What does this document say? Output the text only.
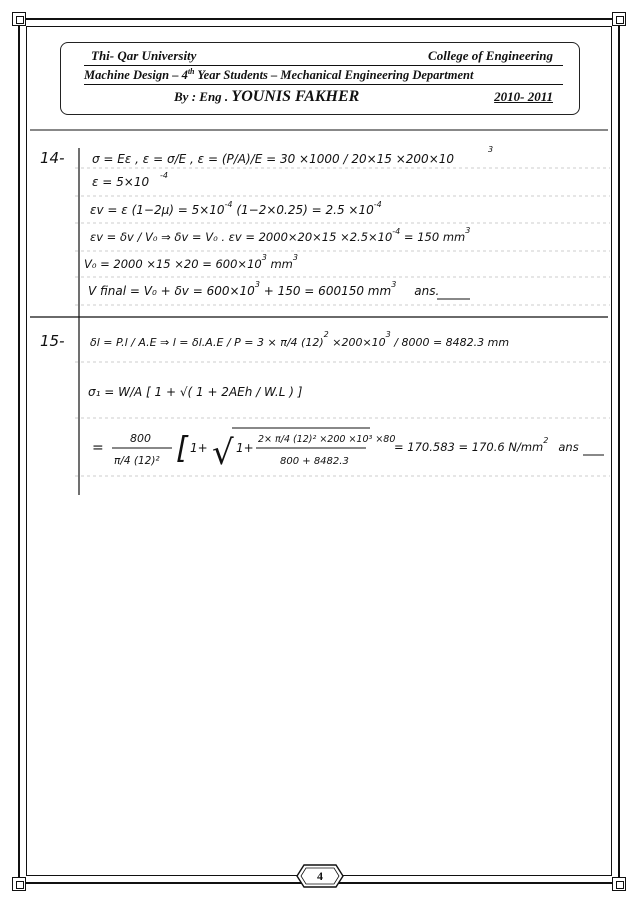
Thi- Qar University	College of Engineering
Machine Design – 4th Year Students – Mechanical Engineering Department
By : Eng . YOUNIS FAKHER	2010- 2011
14- σ = Eε , ε = σ/E , ε = (P/A)/E = 30 ×1000 / 20×15 ×200×10
3
ε = 5×10 -4
εv = ε $(1-2\mu) = 5\times 10^{-4}$ $(1-2\times 0.25) = 2.5 \times 10^{-4}$
εv = δv / V₀ ⇒ δv = V₀ . $\varepsilon v = 2000\times 20\times 15 \times 2.5\times 10^{-4} = 150$ $mm^3$
$V_0 = 2000 \times 15 \times 20 = 600\times 10^3$ $mm^3$
V final = $V_0 + \delta v = 600\times 10^3 + 150 = 600150$ $mm^3$ ans.
15- δl = P.l / A.E ⇒ l = δl.A.E / P = 3 × π/4 $(12)^2 \times 200\times 10^3 / 8000 = 8482.3$ mm
σ₁ = W/A [ 1 + √( 1 + 2AEh / W.L ) ]
=
800
π/4 (12)² [ 1+ √ 1+
2× π/4 (12)² ×200 ×10³ ×80
800 + 8482.3
= 170.583 = 170.6 $N/mm^2$ ans
4
